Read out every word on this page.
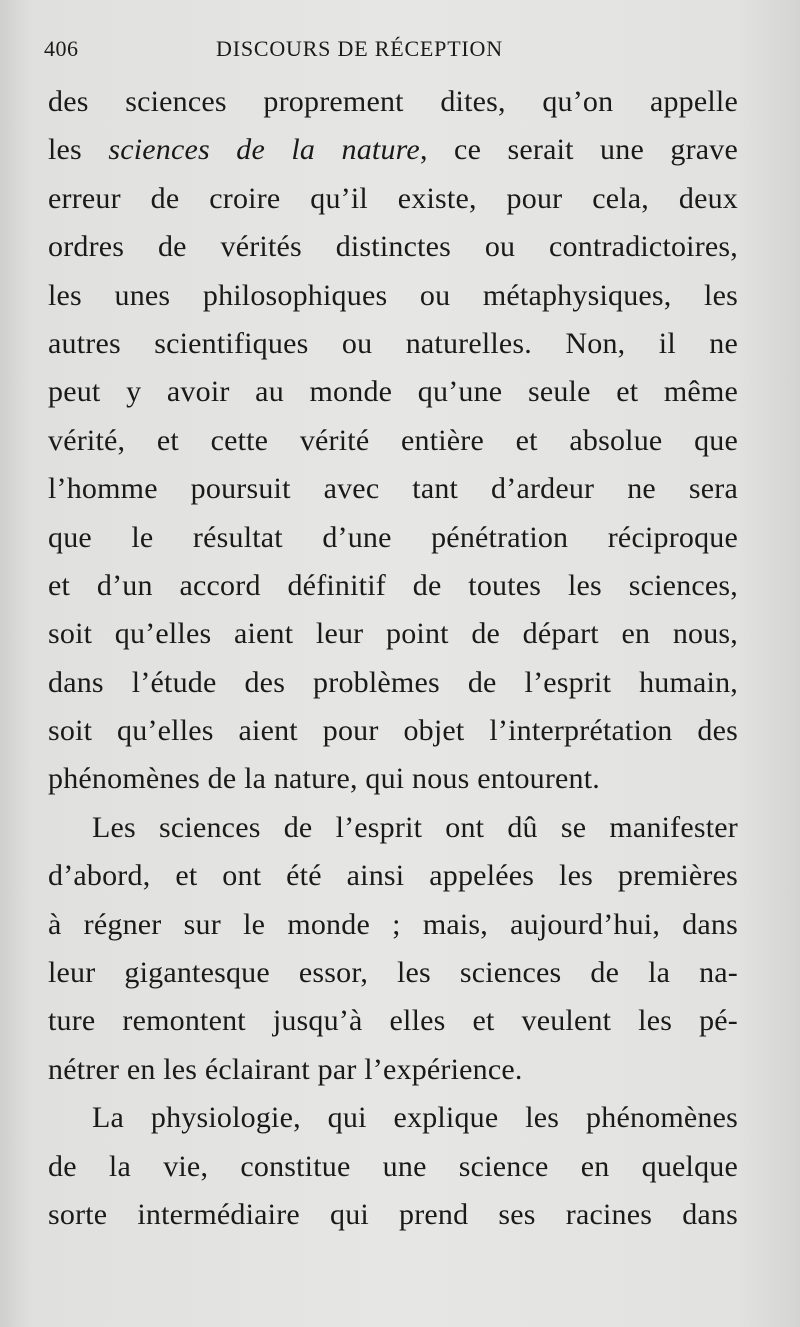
406	DISCOURS DE RÉCEPTION
des sciences proprement dites, qu’on appelle
les sciences de la nature, ce serait une grave
erreur de croire qu’il existe, pour cela, deux
ordres de vérités distinctes ou contradictoires,
les unes philosophiques ou métaphysiques, les
autres scientifiques ou naturelles. Non, il ne
peut y avoir au monde qu’une seule et même
vérité, et cette vérité entière et absolue que
l’homme poursuit avec tant d’ardeur ne sera
que le résultat d’une pénétration réciproque
et d’un accord définitif de toutes les sciences,
soit qu’elles aient leur point de départ en nous,
dans l’étude des problèmes de l’esprit humain,
soit qu’elles aient pour objet l’interprétation des
phénomènes de la nature, qui nous entourent.
Les sciences de l’esprit ont dû se manifester
d’abord, et ont été ainsi appelées les premières
à régner sur le monde ; mais, aujourd’hui, dans
leur gigantesque essor, les sciences de la na-
ture remontent jusqu’à elles et veulent les pé-
nétrer en les éclairant par l’expérience.
La physiologie, qui explique les phénomènes
de la vie, constitue une science en quelque
sorte intermédiaire qui prend ses racines dans
